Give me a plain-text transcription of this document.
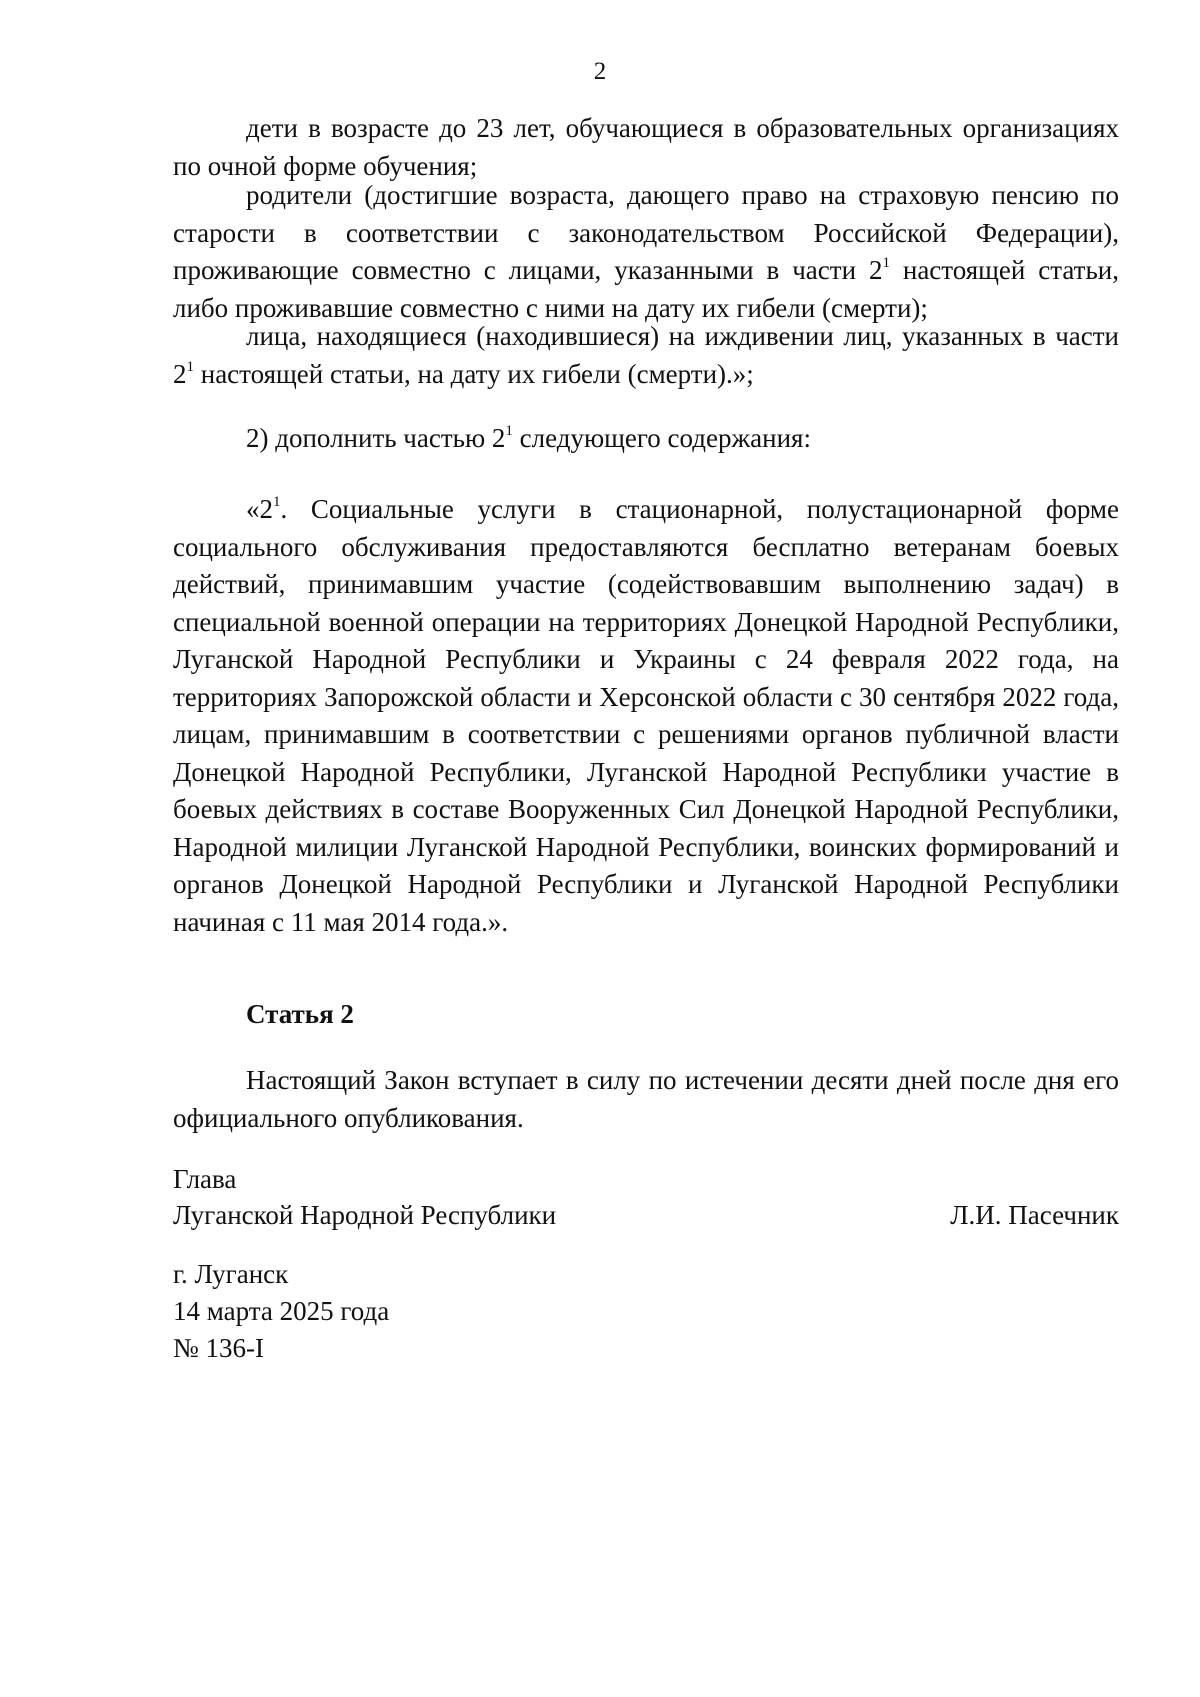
2

дети в возрасте до 23 лет, обучающиеся в образовательных организациях по очной форме обучения;

родители (достигшие возраста, дающего право на страховую пенсию по старости в соответствии с законодательством Российской Федерации), проживающие совместно с лицами, указанными в части $2^1$ настоящей статьи, либо проживавшие совместно с ними на дату их гибели (смерти);

лица, находящиеся (находившиеся) на иждивении лиц, указанных в части $2^1$ настоящей статьи, на дату их гибели (смерти).»;

2) дополнить частью $2^1$ следующего содержания:

«$2^1$. Социальные услуги в стационарной, полустационарной форме социального обслуживания предоставляются бесплатно ветеранам боевых действий, принимавшим участие (содействовавшим выполнению задач) в специальной военной операции на территориях Донецкой Народной Республики, Луганской Народной Республики и Украины с 24 февраля 2022 года, на территориях Запорожской области и Херсонской области с 30 сентября 2022 года, лицам, принимавшим в соответствии с решениями органов публичной власти Донецкой Народной Республики, Луганской Народной Республики участие в боевых действиях в составе Вооруженных Сил Донецкой Народной Республики, Народной милиции Луганской Народной Республики, воинских формирований и органов Донецкой Народной Республики и Луганской Народной Республики начиная с 11 мая 2014 года.».

Статья 2

Настоящий Закон вступает в силу по истечении десяти дней после дня его официального опубликования.

Глава

Луганской Народной Республики	Л.И. Пасечник

г. Луганск

14 марта 2025 года

№ 136-I
